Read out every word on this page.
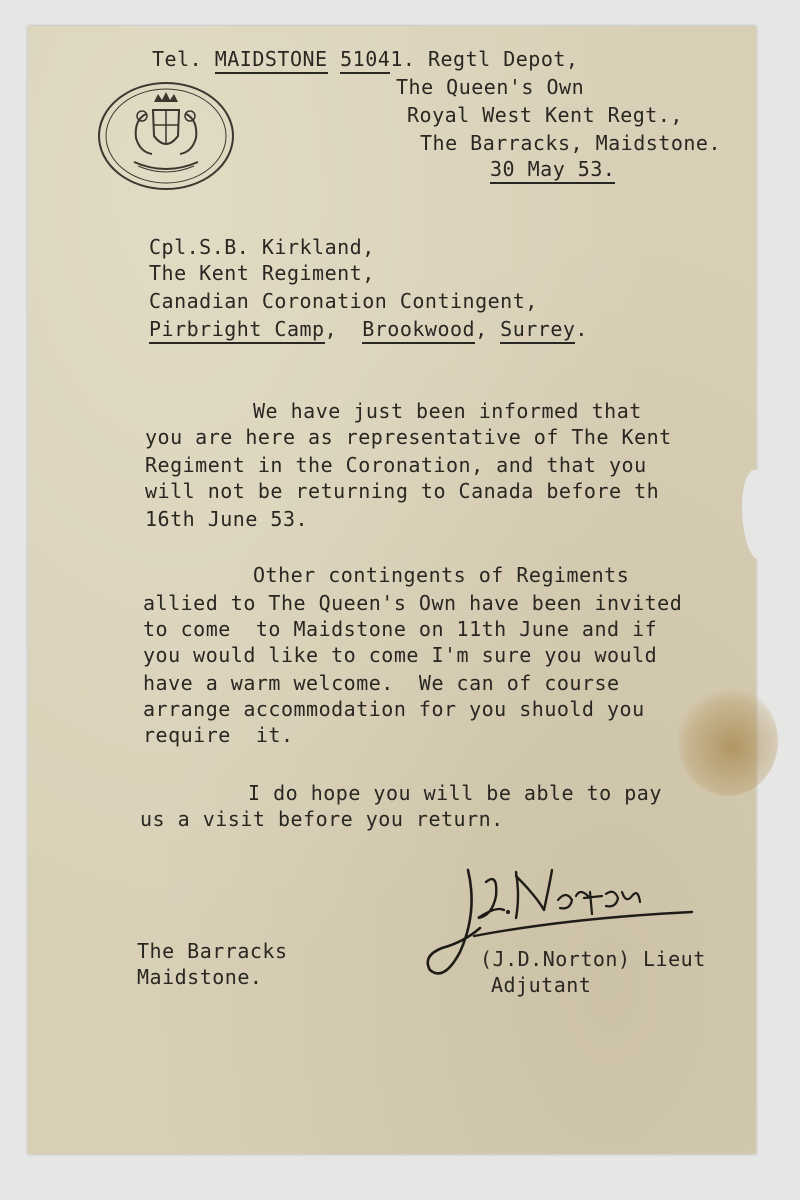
Tel. MAIDSTONE 51041. Regtl Depot,

The Queen's Own

Royal West Kent Regt.,

The Barracks, Maidstone.

30 May 53.

Cpl.S.B. Kirkland,

The Kent Regiment,

Canadian Coronation Contingent,

Pirbright Camp,  Brookwood, Surrey.

We have just been informed that

you are here as representative of The Kent

Regiment in the Coronation, and that you

will not be returning to Canada before th

16th June 53.

Other contingents of Regiments

allied to The Queen's Own have been invited

to come  to Maidstone on 11th June and if

you would like to come I'm sure you would

have a warm welcome.  We can of course

arrange accommodation for you shuold you

require  it.

I do hope you will be able to pay

us a visit before you return.

The Barracks

Maidstone.

(J.D.Norton) Lieut

Adjutant
